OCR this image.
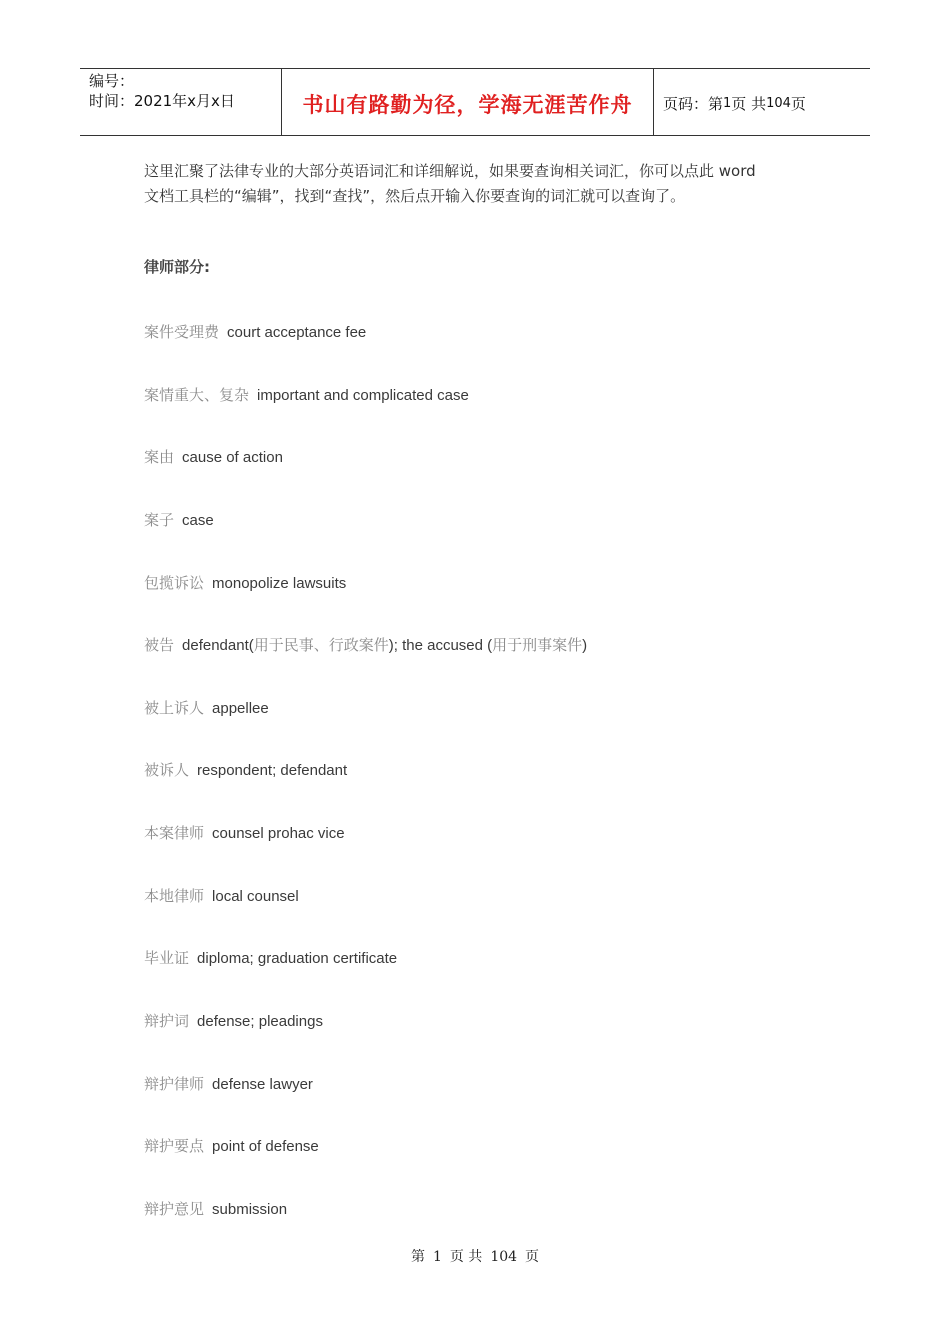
编号：
时间：2021年x月x日	书山有路勤为径，学海无涯苦作舟 页码：第 1 页 共 104 页
这里汇聚了法律专业的大部分英语词汇和详细解说，如果要查询相关词汇，你可以点此 word
文档工具栏的“编辑”，找到“查找”，然后点开输入你要查询的词汇就可以查询了。
律师部分:
案件受理费 court acceptance fee
案情重大、复杂 important and complicated case
案由 cause of action
案子 case
包揽诉讼 monopolize lawsuits
被告 defendant(用于民事、行政案件); the accused (用于刑事案件)
被上诉人 appellee
被诉人 respondent; defendant
本案律师 counsel prohac vice
本地律师 local counsel
毕业证 diploma; graduation certificate
辩护词 defense; pleadings
辩护律师 defense lawyer
辩护要点 point of defense
辩护意见 submission
第 1 页 共 104 页
